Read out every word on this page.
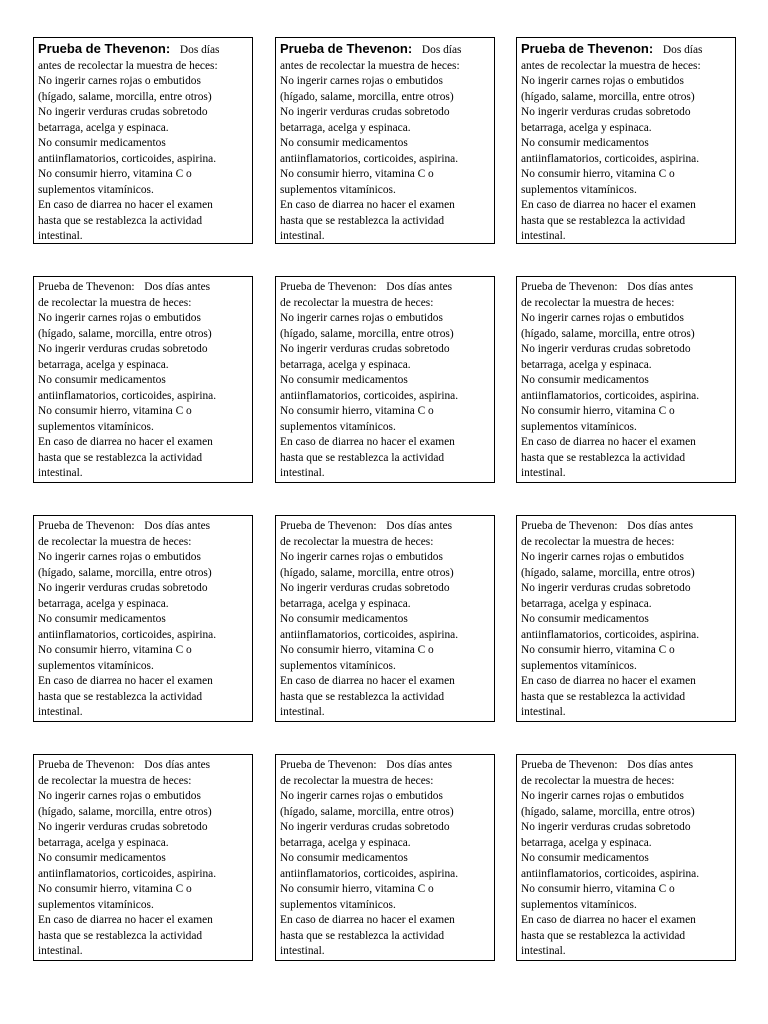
Prueba de Thevenon: Dos días
antes de recolectar la muestra de heces:
No ingerir carnes rojas o embutidos
(hígado, salame, morcilla, entre otros)
No ingerir verduras crudas sobretodo
betarraga, acelga y espinaca.
No consumir medicamentos
antiinflamatorios, corticoides, aspirina.
No consumir hierro, vitamina C o
suplementos vitamínicos.
En caso de diarrea no hacer el examen
hasta que se restablezca la actividad
intestinal.
Prueba de Thevenon: Dos días
antes de recolectar la muestra de heces:
No ingerir carnes rojas o embutidos
(hígado, salame, morcilla, entre otros)
No ingerir verduras crudas sobretodo
betarraga, acelga y espinaca.
No consumir medicamentos
antiinflamatorios, corticoides, aspirina.
No consumir hierro, vitamina C o
suplementos vitamínicos.
En caso de diarrea no hacer el examen
hasta que se restablezca la actividad
intestinal.
Prueba de Thevenon: Dos días
antes de recolectar la muestra de heces:
No ingerir carnes rojas o embutidos
(hígado, salame, morcilla, entre otros)
No ingerir verduras crudas sobretodo
betarraga, acelga y espinaca.
No consumir medicamentos
antiinflamatorios, corticoides, aspirina.
No consumir hierro, vitamina C o
suplementos vitamínicos.
En caso de diarrea no hacer el examen
hasta que se restablezca la actividad
intestinal.
Prueba de Thevenon: Dos días antes
de recolectar la muestra de heces:
No ingerir carnes rojas o embutidos
(hígado, salame, morcilla, entre otros)
No ingerir verduras crudas sobretodo
betarraga, acelga y espinaca.
No consumir medicamentos
antiinflamatorios, corticoides, aspirina.
No consumir hierro, vitamina C o
suplementos vitamínicos.
En caso de diarrea no hacer el examen
hasta que se restablezca la actividad
intestinal.
Prueba de Thevenon: Dos días antes
de recolectar la muestra de heces:
No ingerir carnes rojas o embutidos
(hígado, salame, morcilla, entre otros)
No ingerir verduras crudas sobretodo
betarraga, acelga y espinaca.
No consumir medicamentos
antiinflamatorios, corticoides, aspirina.
No consumir hierro, vitamina C o
suplementos vitamínicos.
En caso de diarrea no hacer el examen
hasta que se restablezca la actividad
intestinal.
Prueba de Thevenon: Dos días antes
de recolectar la muestra de heces:
No ingerir carnes rojas o embutidos
(hígado, salame, morcilla, entre otros)
No ingerir verduras crudas sobretodo
betarraga, acelga y espinaca.
No consumir medicamentos
antiinflamatorios, corticoides, aspirina.
No consumir hierro, vitamina C o
suplementos vitamínicos.
En caso de diarrea no hacer el examen
hasta que se restablezca la actividad
intestinal.
Prueba de Thevenon: Dos días antes
de recolectar la muestra de heces:
No ingerir carnes rojas o embutidos
(hígado, salame, morcilla, entre otros)
No ingerir verduras crudas sobretodo
betarraga, acelga y espinaca.
No consumir medicamentos
antiinflamatorios, corticoides, aspirina.
No consumir hierro, vitamina C o
suplementos vitamínicos.
En caso de diarrea no hacer el examen
hasta que se restablezca la actividad
intestinal.
Prueba de Thevenon: Dos días antes
de recolectar la muestra de heces:
No ingerir carnes rojas o embutidos
(hígado, salame, morcilla, entre otros)
No ingerir verduras crudas sobretodo
betarraga, acelga y espinaca.
No consumir medicamentos
antiinflamatorios, corticoides, aspirina.
No consumir hierro, vitamina C o
suplementos vitamínicos.
En caso de diarrea no hacer el examen
hasta que se restablezca la actividad
intestinal.
Prueba de Thevenon: Dos días antes
de recolectar la muestra de heces:
No ingerir carnes rojas o embutidos
(hígado, salame, morcilla, entre otros)
No ingerir verduras crudas sobretodo
betarraga, acelga y espinaca.
No consumir medicamentos
antiinflamatorios, corticoides, aspirina.
No consumir hierro, vitamina C o
suplementos vitamínicos.
En caso de diarrea no hacer el examen
hasta que se restablezca la actividad
intestinal.
Prueba de Thevenon: Dos días antes
de recolectar la muestra de heces:
No ingerir carnes rojas o embutidos
(hígado, salame, morcilla, entre otros)
No ingerir verduras crudas sobretodo
betarraga, acelga y espinaca.
No consumir medicamentos
antiinflamatorios, corticoides, aspirina.
No consumir hierro, vitamina C o
suplementos vitamínicos.
En caso de diarrea no hacer el examen
hasta que se restablezca la actividad
intestinal.
Prueba de Thevenon: Dos días antes
de recolectar la muestra de heces:
No ingerir carnes rojas o embutidos
(hígado, salame, morcilla, entre otros)
No ingerir verduras crudas sobretodo
betarraga, acelga y espinaca.
No consumir medicamentos
antiinflamatorios, corticoides, aspirina.
No consumir hierro, vitamina C o
suplementos vitamínicos.
En caso de diarrea no hacer el examen
hasta que se restablezca la actividad
intestinal.
Prueba de Thevenon: Dos días antes
de recolectar la muestra de heces:
No ingerir carnes rojas o embutidos
(hígado, salame, morcilla, entre otros)
No ingerir verduras crudas sobretodo
betarraga, acelga y espinaca.
No consumir medicamentos
antiinflamatorios, corticoides, aspirina.
No consumir hierro, vitamina C o
suplementos vitamínicos.
En caso de diarrea no hacer el examen
hasta que se restablezca la actividad
intestinal.
